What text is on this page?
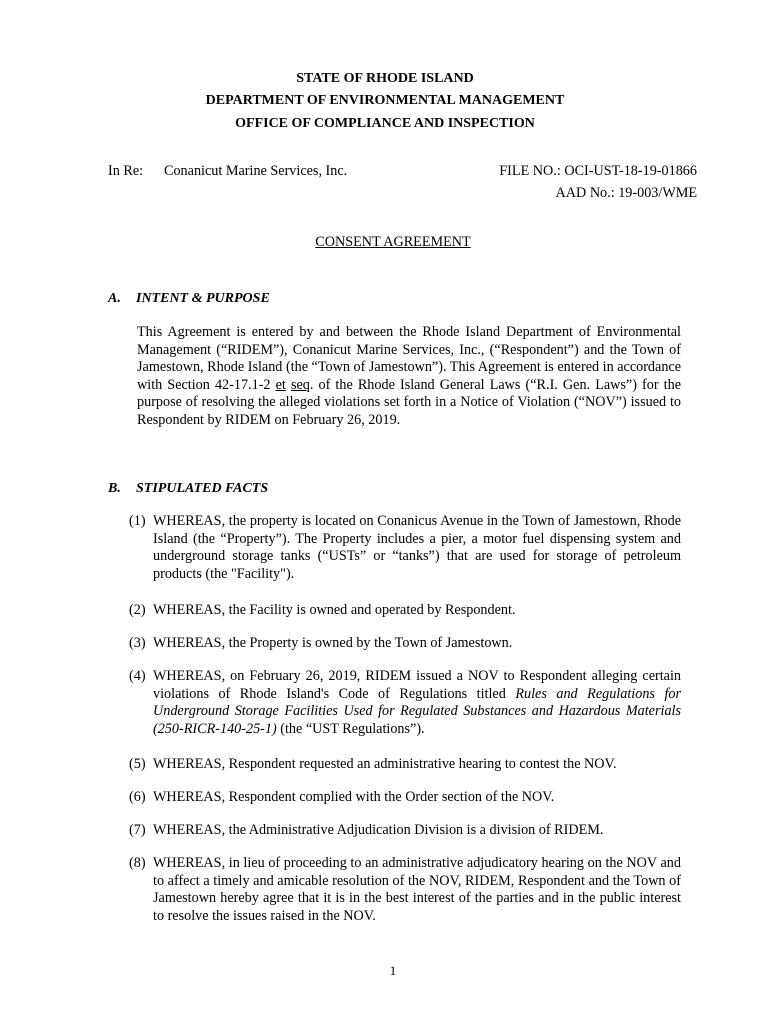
STATE OF RHODE ISLAND
DEPARTMENT OF ENVIRONMENTAL MANAGEMENT
OFFICE OF COMPLIANCE AND INSPECTION
In Re: Conanicut Marine Services, Inc.	FILE NO.: OCI-UST-18-19-01866
AAD No.: 19-003/WME
CONSENT AGREEMENT
A. INTENT & PURPOSE
This Agreement is entered by and between the Rhode Island Department of Environmental Management (“RIDEM”), Conanicut Marine Services, Inc., (“Respondent”) and the Town of Jamestown, Rhode Island (the “Town of Jamestown”). This Agreement is entered in accordance with Section 42-17.1-2 et seq. of the Rhode Island General Laws (“R.I. Gen. Laws”) for the purpose of resolving the alleged violations set forth in a Notice of Violation (“NOV”) issued to Respondent by RIDEM on February 26, 2019.
B. STIPULATED FACTS
(1) WHEREAS, the property is located on Conanicus Avenue in the Town of Jamestown, Rhode Island (the “Property”). The Property includes a pier, a motor fuel dispensing system and underground storage tanks (“USTs” or “tanks”) that are used for storage of petroleum products (the "Facility").
(2) WHEREAS, the Facility is owned and operated by Respondent.
(3) WHEREAS, the Property is owned by the Town of Jamestown.
(4) WHEREAS, on February 26, 2019, RIDEM issued a NOV to Respondent alleging certain violations of Rhode Island's Code of Regulations titled Rules and Regulations for Underground Storage Facilities Used for Regulated Substances and Hazardous Materials (250-RICR-140-25-1) (the “UST Regulations”).
(5) WHEREAS, Respondent requested an administrative hearing to contest the NOV.
(6) WHEREAS, Respondent complied with the Order section of the NOV.
(7) WHEREAS, the Administrative Adjudication Division is a division of RIDEM.
(8) WHEREAS, in lieu of proceeding to an administrative adjudicatory hearing on the NOV and to affect a timely and amicable resolution of the NOV, RIDEM, Respondent and the Town of Jamestown hereby agree that it is in the best interest of the parties and in the public interest to resolve the issues raised in the NOV.
1
